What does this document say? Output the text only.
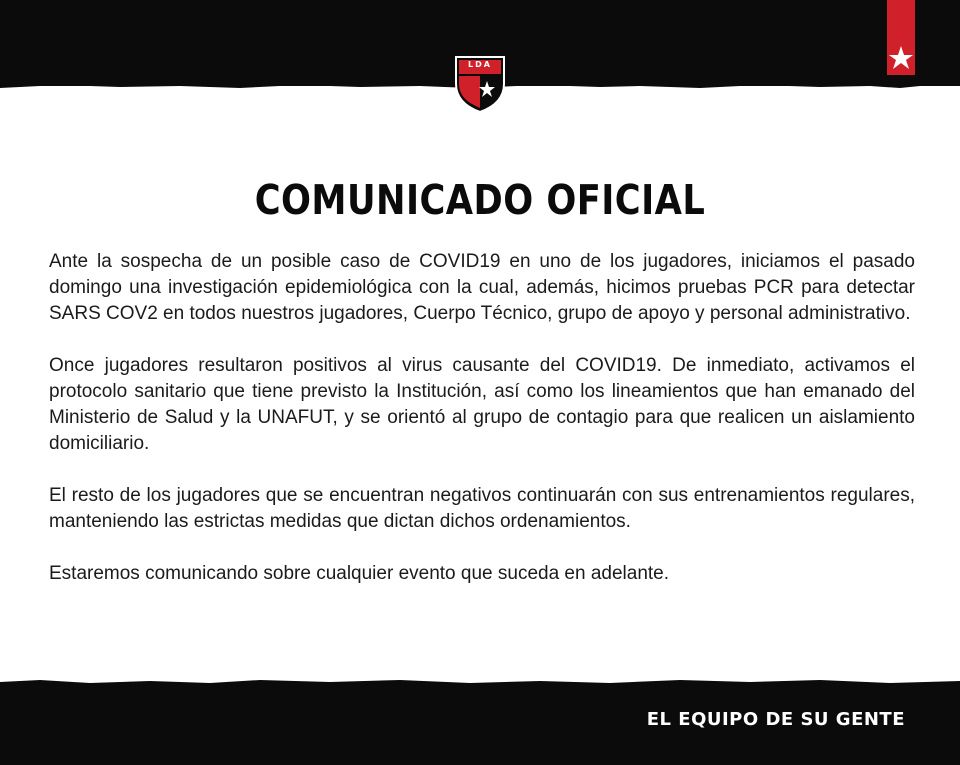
LDA
COMUNICADO OFICIAL

Ante la sospecha de un posible caso de COVID19 en uno de los jugadores, iniciamos el pasado domingo una investigación epidemiológica con la cual, además, hicimos pruebas PCR para detectar SARS COV2 en todos nuestros jugadores, Cuerpo Técnico, grupo de apoyo y personal administrativo.

Once jugadores resultaron positivos al virus causante del COVID19. De inmediato, activamos el protocolo sanitario que tiene previsto la Institución, así como los lineamientos que han emanado del Ministerio de Salud y la UNAFUT, y se orientó al grupo de contagio para que realicen un aislamiento domiciliario.

El resto de los jugadores que se encuentran negativos continuarán con sus entrenamientos regulares, manteniendo las estrictas medidas que dictan dichos ordenamientos.

Estaremos comunicando sobre cualquier evento que suceda en adelante.

EL EQUIPO DE SU GENTE
